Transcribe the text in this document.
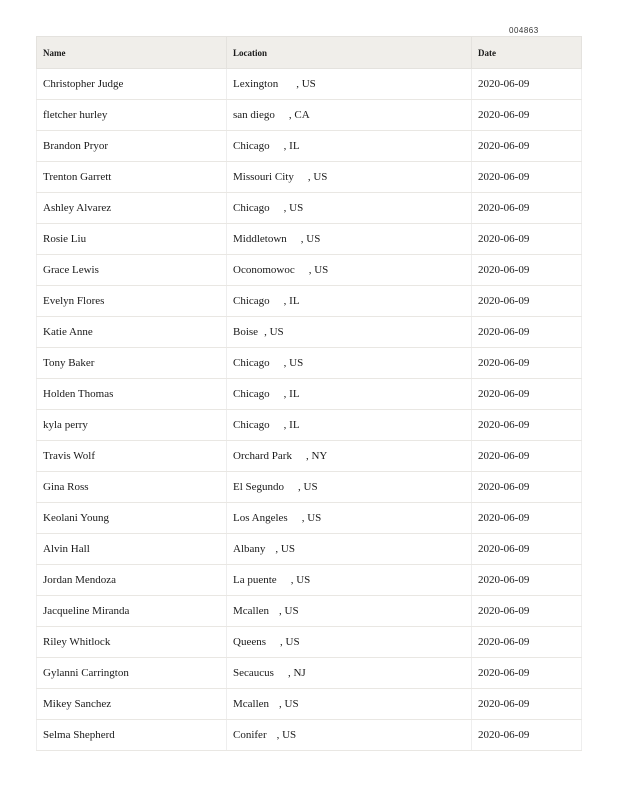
004863
Name	Location	Date
Christopher Judge	Lexington , US	2020-06-09
fletcher hurley	san diego , CA	2020-06-09
Brandon Pryor	Chicago , IL	2020-06-09
Trenton Garrett	Missouri City , US	2020-06-09
Ashley Alvarez	Chicago , US	2020-06-09
Rosie Liu	Middletown , US	2020-06-09
Grace Lewis	Oconomowoc , US	2020-06-09
Evelyn Flores	Chicago , IL	2020-06-09
Katie Anne	Boise , US	2020-06-09
Tony Baker	Chicago , US	2020-06-09
Holden Thomas	Chicago , IL	2020-06-09
kyla perry	Chicago , IL	2020-06-09
Travis Wolf	Orchard Park , NY	2020-06-09
Gina Ross	El Segundo , US	2020-06-09
Keolani Young	Los Angeles , US	2020-06-09
Alvin Hall	Albany , US	2020-06-09
Jordan Mendoza	La puente , US	2020-06-09
Jacqueline Miranda	Mcallen , US	2020-06-09
Riley Whitlock	Queens , US	2020-06-09
Gylanni Carrington	Secaucus , NJ	2020-06-09
Mikey Sanchez	Mcallen , US	2020-06-09
Selma Shepherd	Conifer , US	2020-06-09
